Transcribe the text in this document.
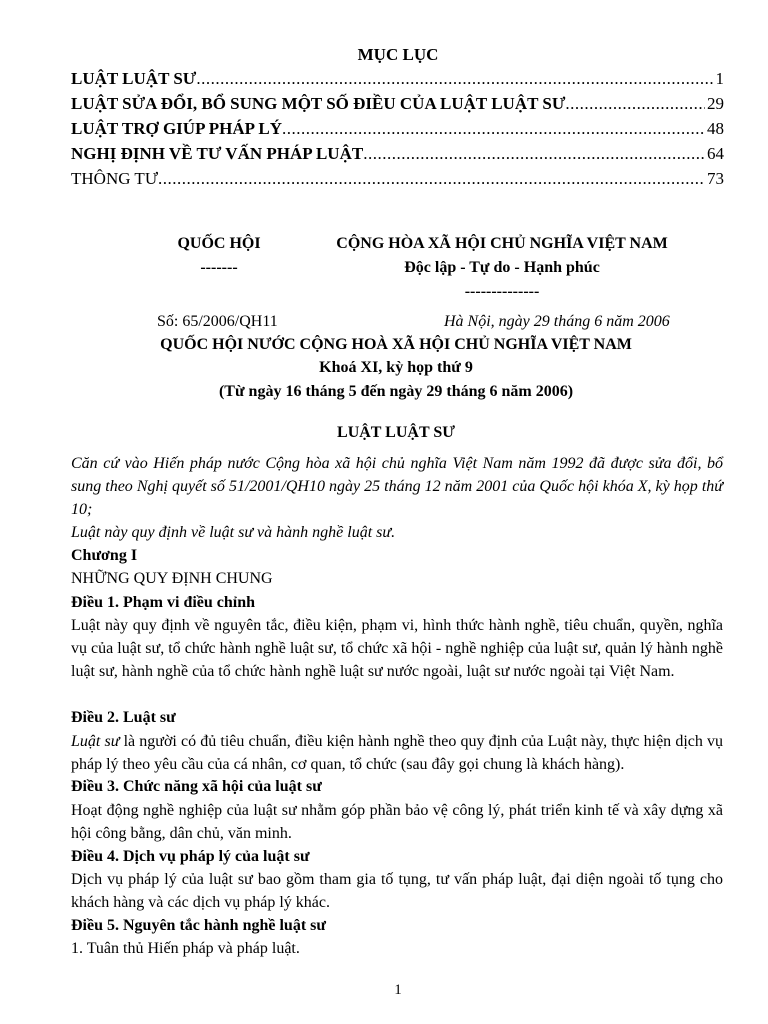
MỤC LỤC
LUẬT LUẬT SƯ .....	1
LUẬT SỬA ĐỔI, BỔ SUNG MỘT SỐ ĐIỀU CỦA LUẬT LUẬT SƯ .....	29
LUẬT TRỢ GIÚP PHÁP LÝ .....	48
NGHỊ ĐỊNH VỀ TƯ VẤN PHÁP LUẬT .....	64
THÔNG TƯ .....	73
QUỐC HỘI
-------
CỘNG HÒA XÃ HỘI CHỦ NGHĨA VIỆT NAM
Độc lập - Tự do - Hạnh phúc
--------------
Số: 65/2006/QH11	Hà Nội, ngày 29 tháng 6 năm 2006
QUỐC HỘI NƯỚC CỘNG HOÀ XÃ HỘI CHỦ NGHĨA VIỆT NAM
Khoá XI, kỳ họp thứ 9
(Từ ngày 16 tháng 5 đến ngày 29 tháng 6 năm 2006)
LUẬT LUẬT SƯ
Căn cứ vào Hiến pháp nước Cộng hòa xã hội chủ nghĩa Việt Nam năm 1992 đã được sửa đổi, bổ sung theo Nghị quyết số 51/2001/QH10 ngày 25 tháng 12 năm 2001 của Quốc hội khóa X, kỳ họp thứ 10;
Luật này quy định về luật sư và hành nghề luật sư.
Chương I
NHỮNG QUY ĐỊNH CHUNG
Điều 1. Phạm vi điều chỉnh
Luật này quy định về nguyên tắc, điều kiện, phạm vi, hình thức hành nghề, tiêu chuẩn, quyền, nghĩa vụ của luật sư, tổ chức hành nghề luật sư, tổ chức xã hội - nghề nghiệp của luật sư, quản lý hành nghề luật sư, hành nghề của tổ chức hành nghề luật sư nước ngoài, luật sư nước ngoài tại Việt Nam.
Điều 2. Luật sư
Luật sư là người có đủ tiêu chuẩn, điều kiện hành nghề theo quy định của Luật này, thực hiện dịch vụ pháp lý theo yêu cầu của cá nhân, cơ quan, tổ chức (sau đây gọi chung là khách hàng).
Điều 3. Chức năng xã hội của luật sư
Hoạt động nghề nghiệp của luật sư nhằm góp phần bảo vệ công lý, phát triển kinh tế và xây dựng xã hội công bằng, dân chủ, văn minh.
Điều 4. Dịch vụ pháp lý của luật sư
Dịch vụ pháp lý của luật sư bao gồm tham gia tố tụng, tư vấn pháp luật, đại diện ngoài tố tụng cho khách hàng và các dịch vụ pháp lý khác.
Điều 5. Nguyên tắc hành nghề luật sư
1. Tuân thủ Hiến pháp và pháp luật.
1
